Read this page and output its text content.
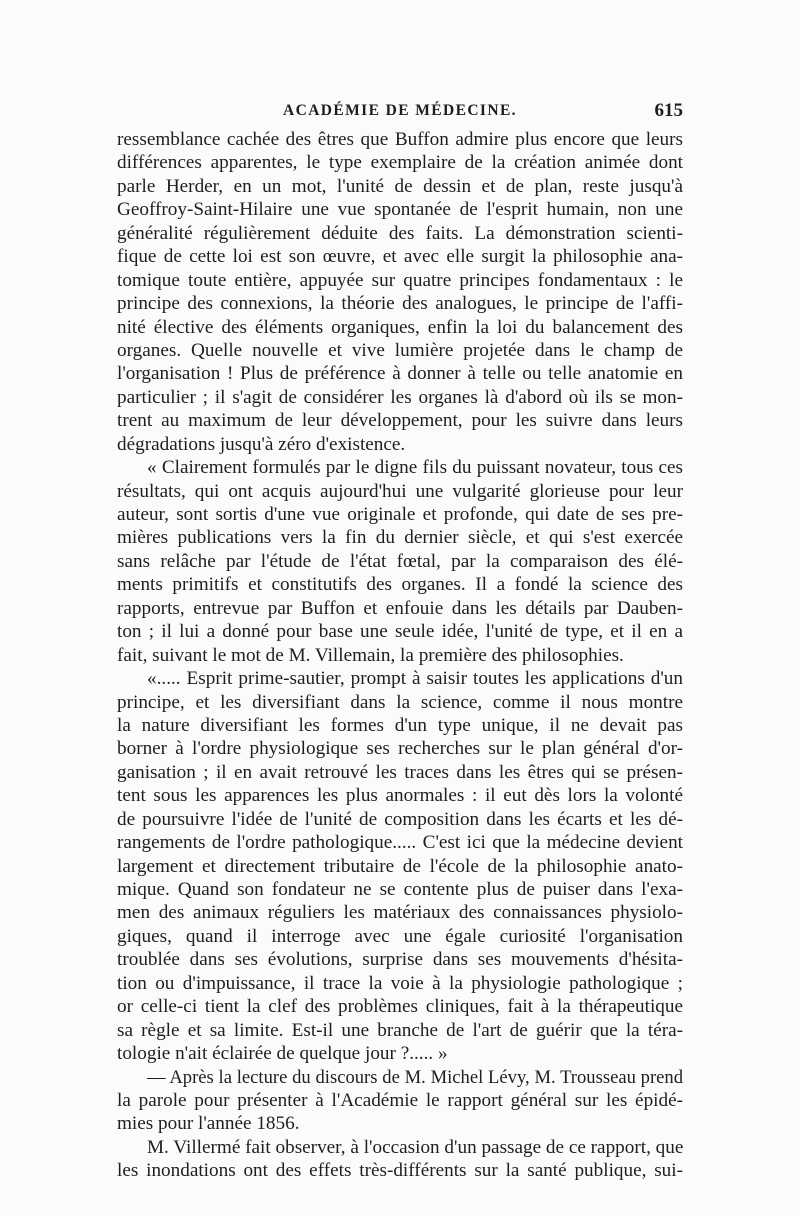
ACADÉMIE DE MÉDECINE.	615
ressemblance cachée des êtres que Buffon admire plus encore que leurs
différences apparentes, le type exemplaire de la création animée dont
parle Herder, en un mot, l'unité de dessin et de plan, reste jusqu'à
Geoffroy-Saint-Hilaire une vue spontanée de l'esprit humain, non une
généralité régulièrement déduite des faits. La démonstration scienti-
fique de cette loi est son œuvre, et avec elle surgit la philosophie ana-
tomique toute entière, appuyée sur quatre principes fondamentaux : le
principe des connexions, la théorie des analogues, le principe de l'affi-
nité élective des éléments organiques, enfin la loi du balancement des
organes. Quelle nouvelle et vive lumière projetée dans le champ de
l'organisation ! Plus de préférence à donner à telle ou telle anatomie en
particulier ; il s'agit de considérer les organes là d'abord où ils se mon-
trent au maximum de leur développement, pour les suivre dans leurs
dégradations jusqu'à zéro d'existence.
« Clairement formulés par le digne fils du puissant novateur, tous ces
résultats, qui ont acquis aujourd'hui une vulgarité glorieuse pour leur
auteur, sont sortis d'une vue originale et profonde, qui date de ses pre-
mières publications vers la fin du dernier siècle, et qui s'est exercée
sans relâche par l'étude de l'état fœtal, par la comparaison des élé-
ments primitifs et constitutifs des organes. Il a fondé la science des
rapports, entrevue par Buffon et enfouie dans les détails par Dauben-
ton ; il lui a donné pour base une seule idée, l'unité de type, et il en a
fait, suivant le mot de M. Villemain, la première des philosophies.
«..... Esprit prime-sautier, prompt à saisir toutes les applications d'un
principe, et les diversifiant dans la science, comme il nous montre
la nature diversifiant les formes d'un type unique, il ne devait pas
borner à l'ordre physiologique ses recherches sur le plan général d'or-
ganisation ; il en avait retrouvé les traces dans les êtres qui se présen-
tent sous les apparences les plus anormales : il eut dès lors la volonté
de poursuivre l'idée de l'unité de composition dans les écarts et les dé-
rangements de l'ordre pathologique..... C'est ici que la médecine devient
largement et directement tributaire de l'école de la philosophie anato-
mique. Quand son fondateur ne se contente plus de puiser dans l'exa-
men des animaux réguliers les matériaux des connaissances physiolo-
giques, quand il interroge avec une égale curiosité l'organisation
troublée dans ses évolutions, surprise dans ses mouvements d'hésita-
tion ou d'impuissance, il trace la voie à la physiologie pathologique ;
or celle-ci tient la clef des problèmes cliniques, fait à la thérapeutique
sa règle et sa limite. Est-il une branche de l'art de guérir que la téra-
tologie n'ait éclairée de quelque jour ?..... »
— Après la lecture du discours de M. Michel Lévy, M. Trousseau prend
la parole pour présenter à l'Académie le rapport général sur les épidé-
mies pour l'année 1856.
M. Villermé fait observer, à l'occasion d'un passage de ce rapport, que
les inondations ont des effets très-différents sur la santé publique, sui-
